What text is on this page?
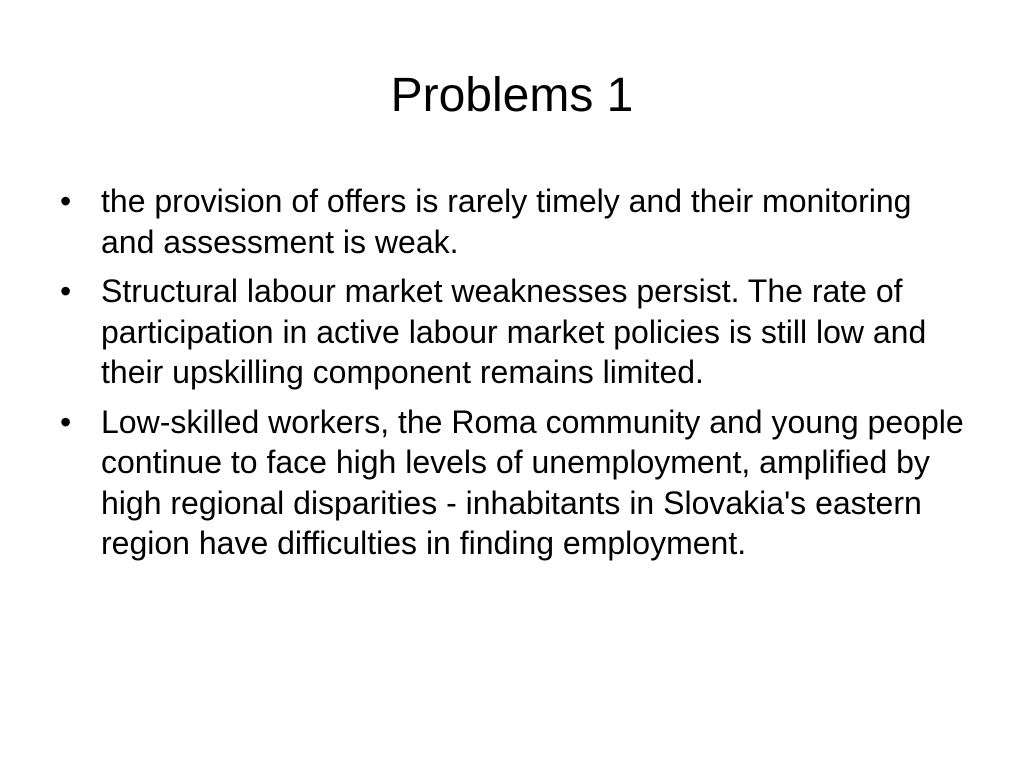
Problems 1
• the provision of offers is rarely timely and their monitoring and assessment is weak.
• Structural labour market weaknesses persist. The rate of participation in active labour market policies is still low and their upskilling component remains limited.
• Low-skilled workers, the Roma community and young people continue to face high levels of unemployment, amplified by high regional disparities - inhabitants in Slovakia's eastern region have difficulties in finding employment.
